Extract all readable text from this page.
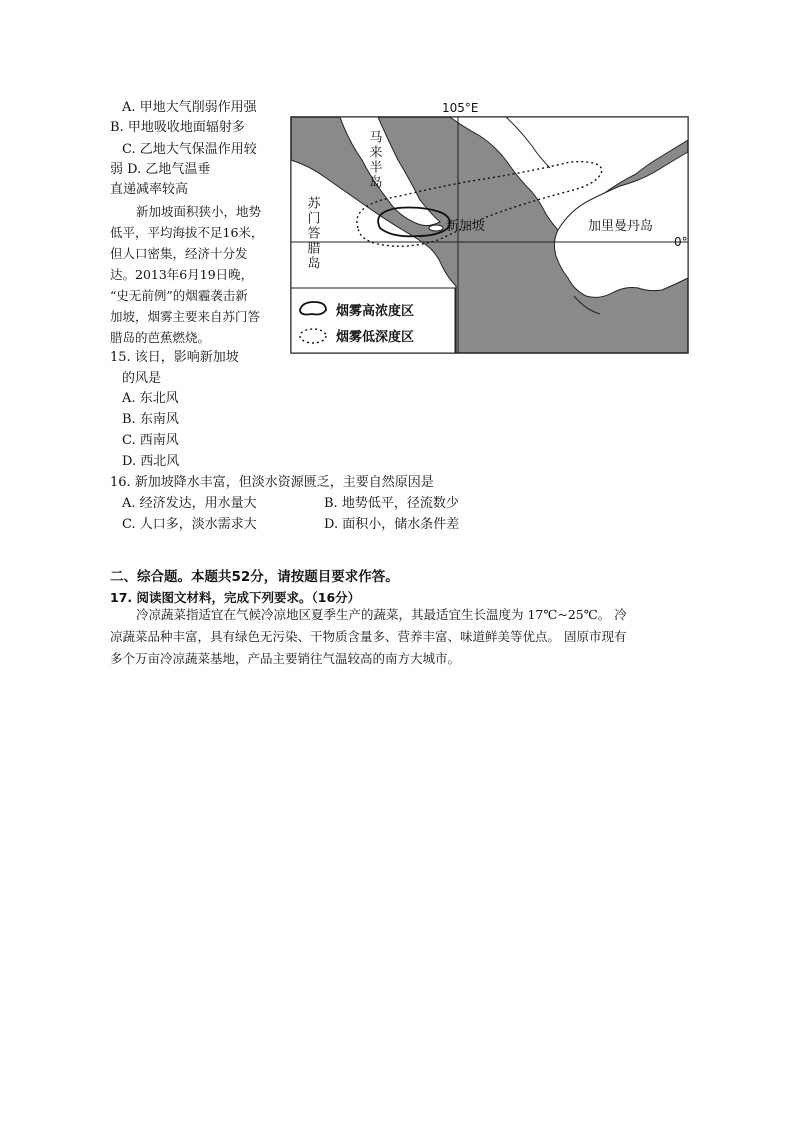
A. 甲地大气削弱作用强
B. 甲地吸收地面辐射多
C. 乙地大气保温作用较
弱 D. 乙地气温垂
直递减率较高
新加坡面积狭小，地势
低平，平均海拔不足16米，
但人口密集，经济十分发
达。2013年6月19日晚，
“史无前例”的烟霾袭击新
加坡，烟雾主要来自苏门答
腊岛的芭蕉燃烧。
15. 该日，影响新加坡
的风是
A. 东北风
B. 东南风
C. 西南风
D. 西北风
16. 新加坡降水丰富，但淡水资源匮乏，主要自然原因是
A. 经济发达，用水量大	B. 地势低平，径流数少
C. 人口多，淡水需求大	D. 面积小，储水条件差
二、综合题。本题共52分，请按题目要求作答。
17. 阅读图文材料，完成下列要求。（16分）
冷凉蔬菜指适宜在气候冷凉地区夏季生产的蔬菜，其最适宜生长温度为 17℃~25℃。 冷
凉蔬菜品种丰富，具有绿色无污染、干物质含量多、营养丰富、味道鲜美等优点。 固原市现有
多个万亩冷凉蔬菜基地，产品主要销往气温较高的南方大城市。
105°E
0°
马来半岛
苏门答腊岛	新加坡	加里曼丹岛
烟雾高浓度区
烟雾低深度区
